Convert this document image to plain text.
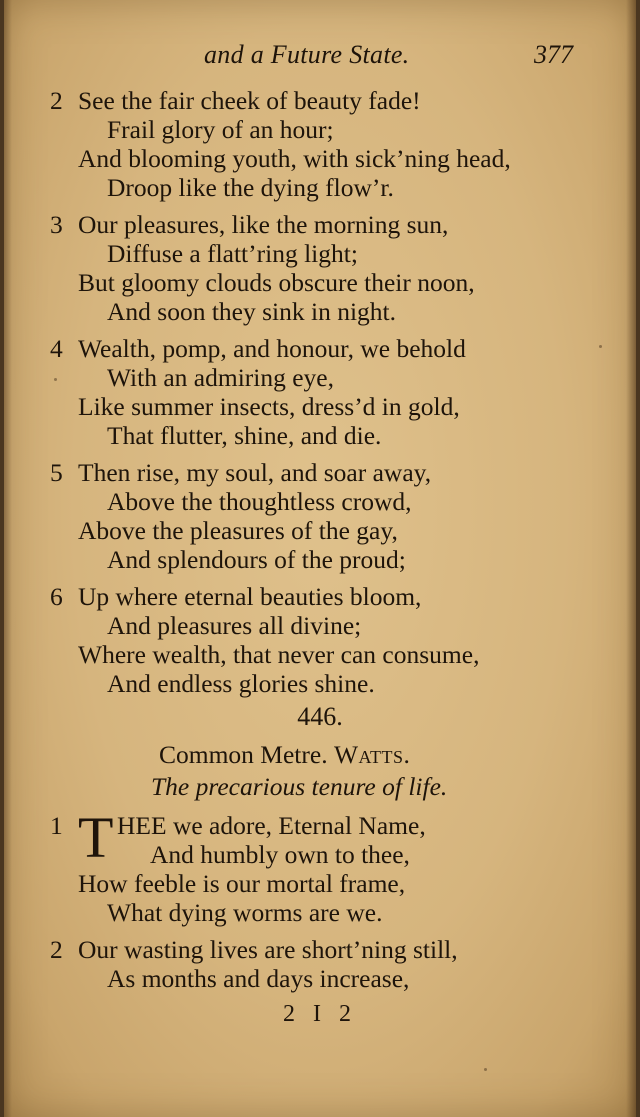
and a Future State.	377
2 See the fair cheek of beauty fade!
Frail glory of an hour;
And blooming youth, with sick’ning head,
Droop like the dying flow’r.
3 Our pleasures, like the morning sun,
Diffuse a flatt’ring light;
But gloomy clouds obscure their noon,
And soon they sink in night.
4 Wealth, pomp, and honour, we behold
With an admiring eye,
Like summer insects, dress’d in gold,
That flutter, shine, and die.
5 Then rise, my soul, and soar away,
Above the thoughtless crowd,
Above the pleasures of the gay,
And splendours of the proud;
6 Up where eternal beauties bloom,
And pleasures all divine;
Where wealth, that never can consume,
And endless glories shine.
446.
Common Metre. Watts.
The precarious tenure of life.
1 T HEE we adore, Eternal Name,
And humbly own to thee,
How feeble is our mortal frame,
What dying worms are we.
2 Our wasting lives are short’ning still,
As months and days increase,
2 I 2
